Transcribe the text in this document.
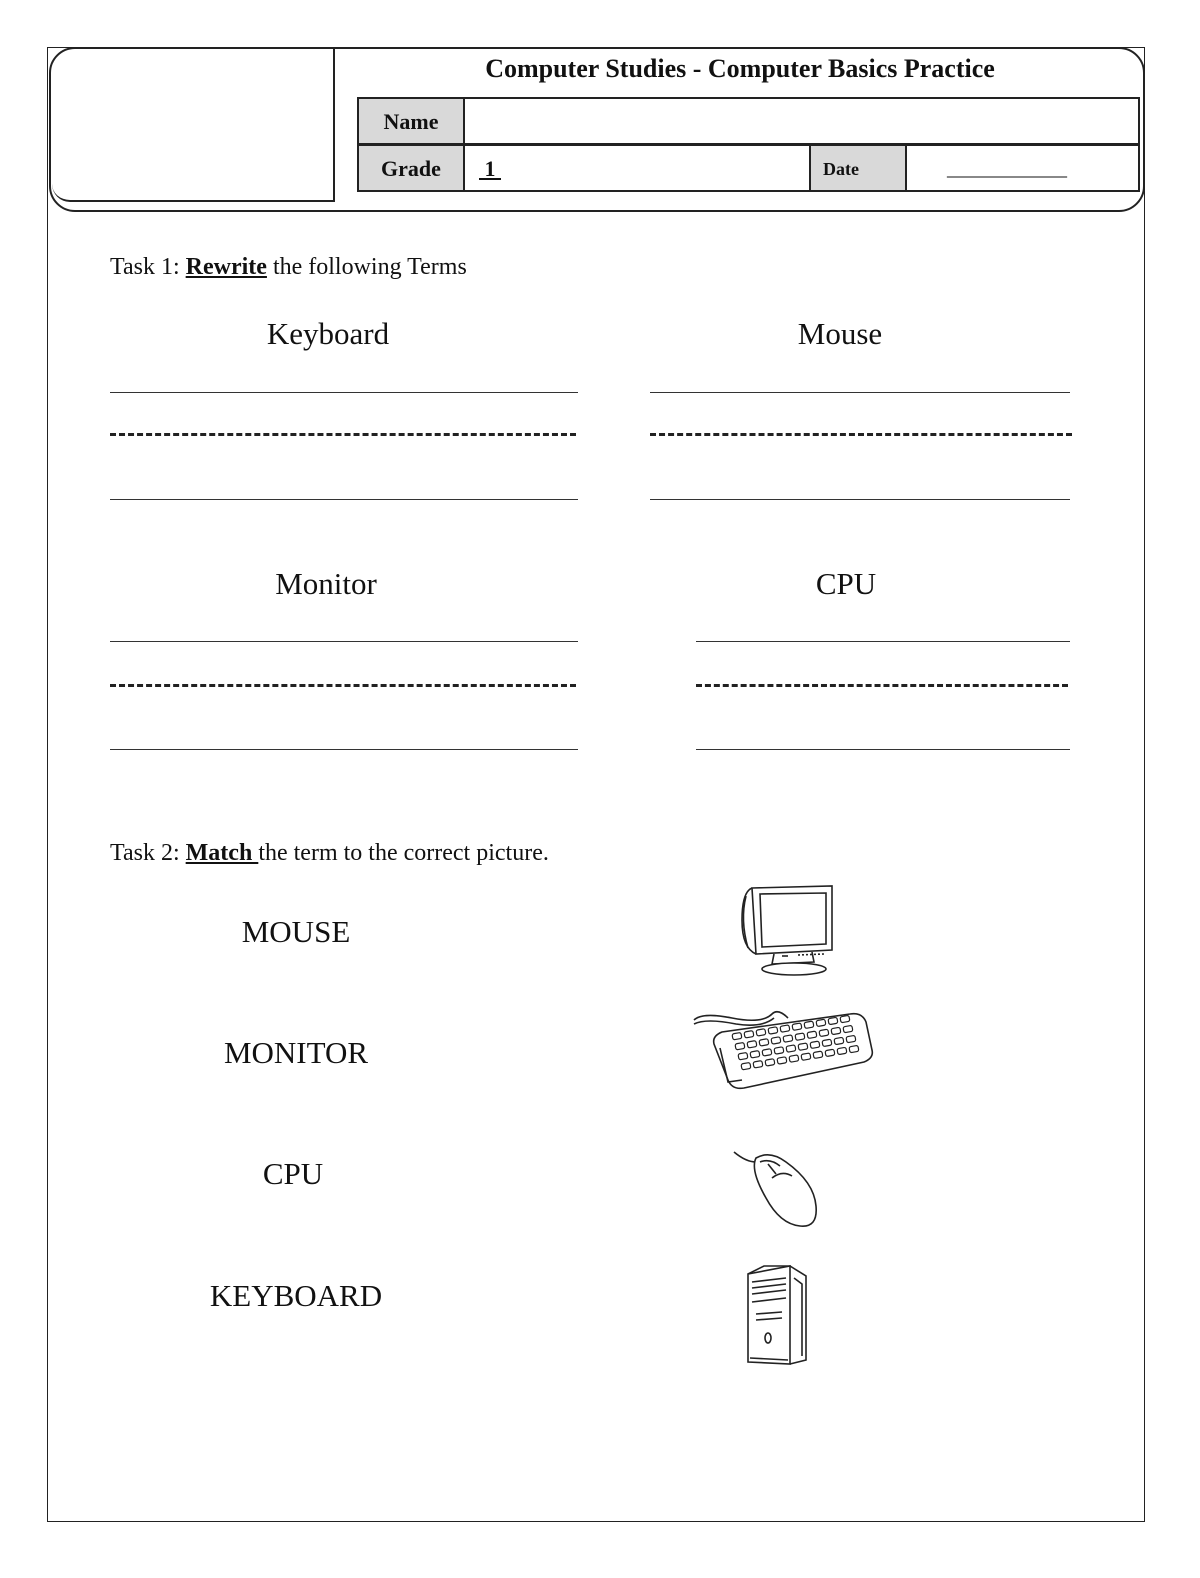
Computer Studies - Computer Basics Practice
Name
Grade	1	Date	____________
Task 1: Rewrite the following Terms
Keyboard	Mouse
Monitor	CPU
Task 2: Match the term to the correct picture.
MOUSE
MONITOR
CPU
KEYBOARD
